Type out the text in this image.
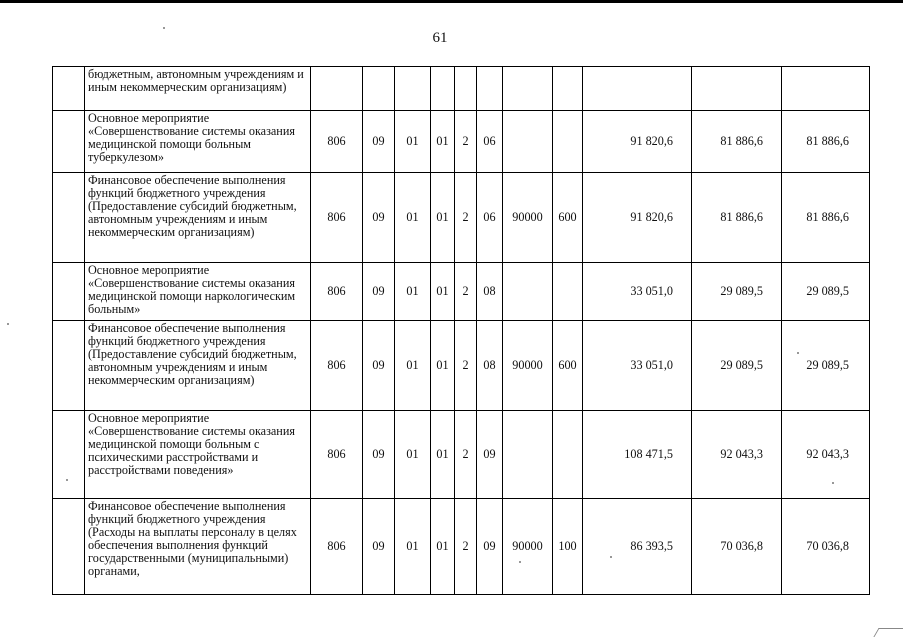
61
	бюджетным, автономным учреждениям и иным некоммерческим организациям)											
	Основное мероприятие «Совершенствование системы оказания медицинской помощи больным туберкулезом»	806	09	01	01	2	06			91 820,6	81 886,6	81 886,6
	Финансовое обеспечение выполнения функций бюджетного учреждения (Предоставление субсидий бюджетным, автономным учреждениям и иным некоммерческим организациям)	806	09	01	01	2	06	90000	600	91 820,6	81 886,6	81 886,6
	Основное мероприятие «Совершенствование системы оказания медицинской помощи наркологическим больным»	806	09	01	01	2	08			33 051,0	29 089,5	29 089,5
	Финансовое обеспечение выполнения функций бюджетного учреждения (Предоставление субсидий бюджетным, автономным учреждениям и иным некоммерческим организациям)	806	09	01	01	2	08	90000	600	33 051,0	29 089,5	29 089,5
	Основное мероприятие «Совершенствование системы оказания медицинской помощи больным с психическими расстройствами и расстройствами поведения»	806	09	01	01	2	09			108 471,5	92 043,3	92 043,3
	Финансовое обеспечение выполнения функций бюджетного учреждения (Расходы на выплаты персоналу в целях обеспечения выполнения функций государственными (муниципальными) органами,	806	09	01	01	2	09	90000	100	86 393,5	70 036,8	70 036,8
